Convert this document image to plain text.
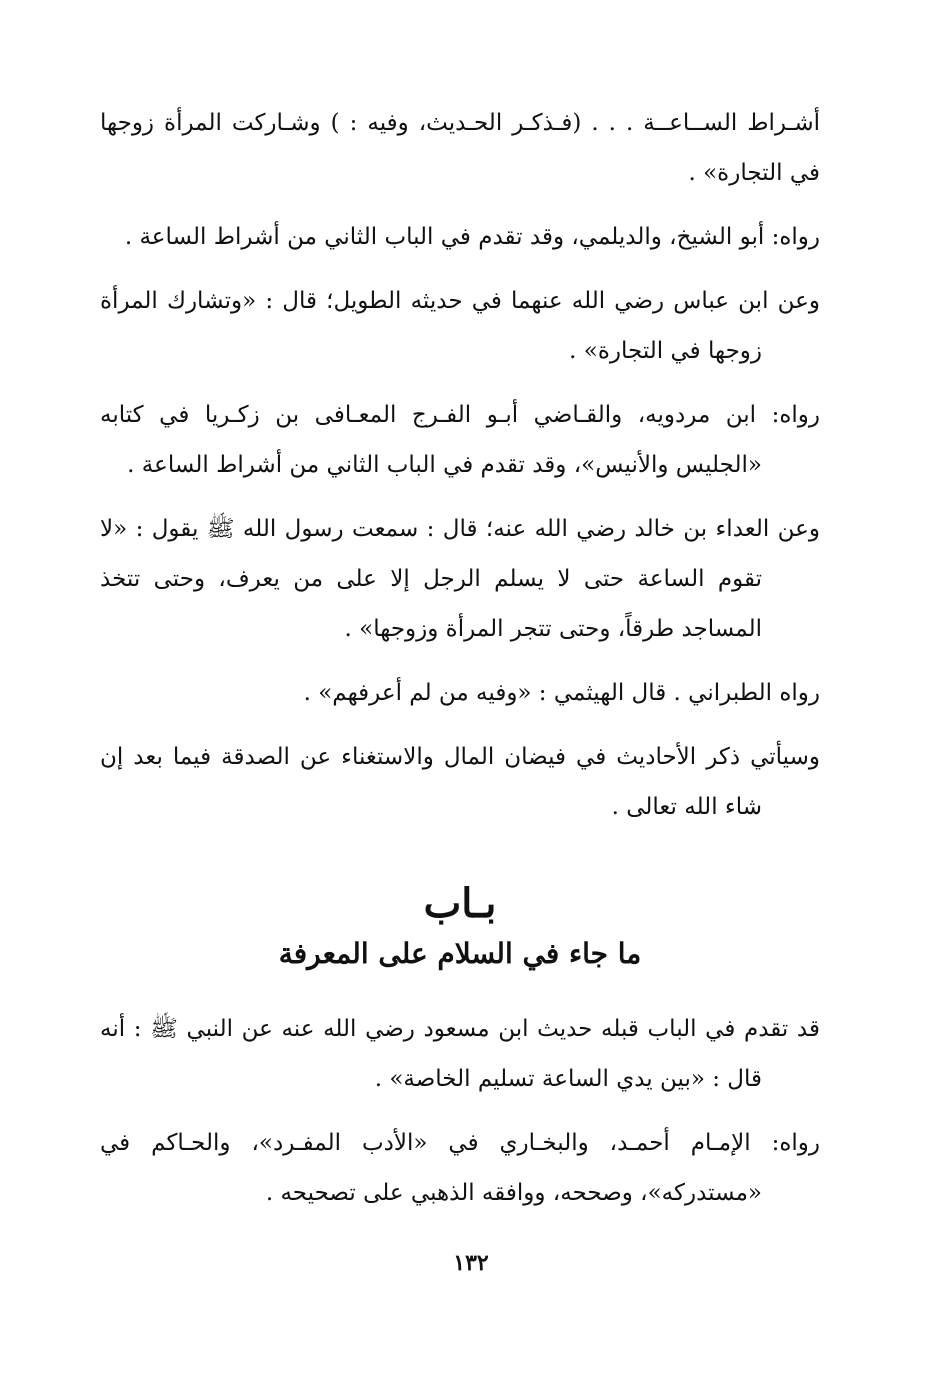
أشـراط الســاعــة . . . (فـذكـر الحـديث، وفيه : ) وشـاركت المرأة زوجها في التجارة» .

رواه: أبو الشيخ، والديلمي، وقد تقدم في الباب الثاني من أشراط الساعة .

وعن ابن عباس رضي الله عنهما في حديثه الطويل؛ قال : «وتشارك المرأة زوجها في التجارة» .

رواه: ابن مردويه، والقـاضي أبـو الفـرج المعـافى بن زكـريا في كتابه «الجليس والأنيس»، وقد تقدم في الباب الثاني من أشراط الساعة .

وعن العداء بن خالد رضي الله عنه؛ قال : سمعت رسول الله ﷺ يقول : «لا تقوم الساعة حتى لا يسلم الرجل إلا على من يعرف، وحتى تتخذ المساجد طرقاً، وحتى تتجر المرأة وزوجها» .

رواه الطبراني . قال الهيثمي : «وفيه من لم أعرفهم» .

وسيأتي ذكر الأحاديث في فيضان المال والاستغناء عن الصدقة فيما بعد إن شاء الله تعالى .

بـاب
ما جاء في السلام على المعرفة

قد تقدم في الباب قبله حديث ابن مسعود رضي الله عنه عن النبي ﷺ : أنه قال : «بين يدي الساعة تسليم الخاصة» .

رواه: الإمـام أحمـد، والبخـاري في «الأدب المفـرد»، والحـاكم في «مستدركه»، وصححه، ووافقه الذهبي على تصحيحه .

١٣٢
